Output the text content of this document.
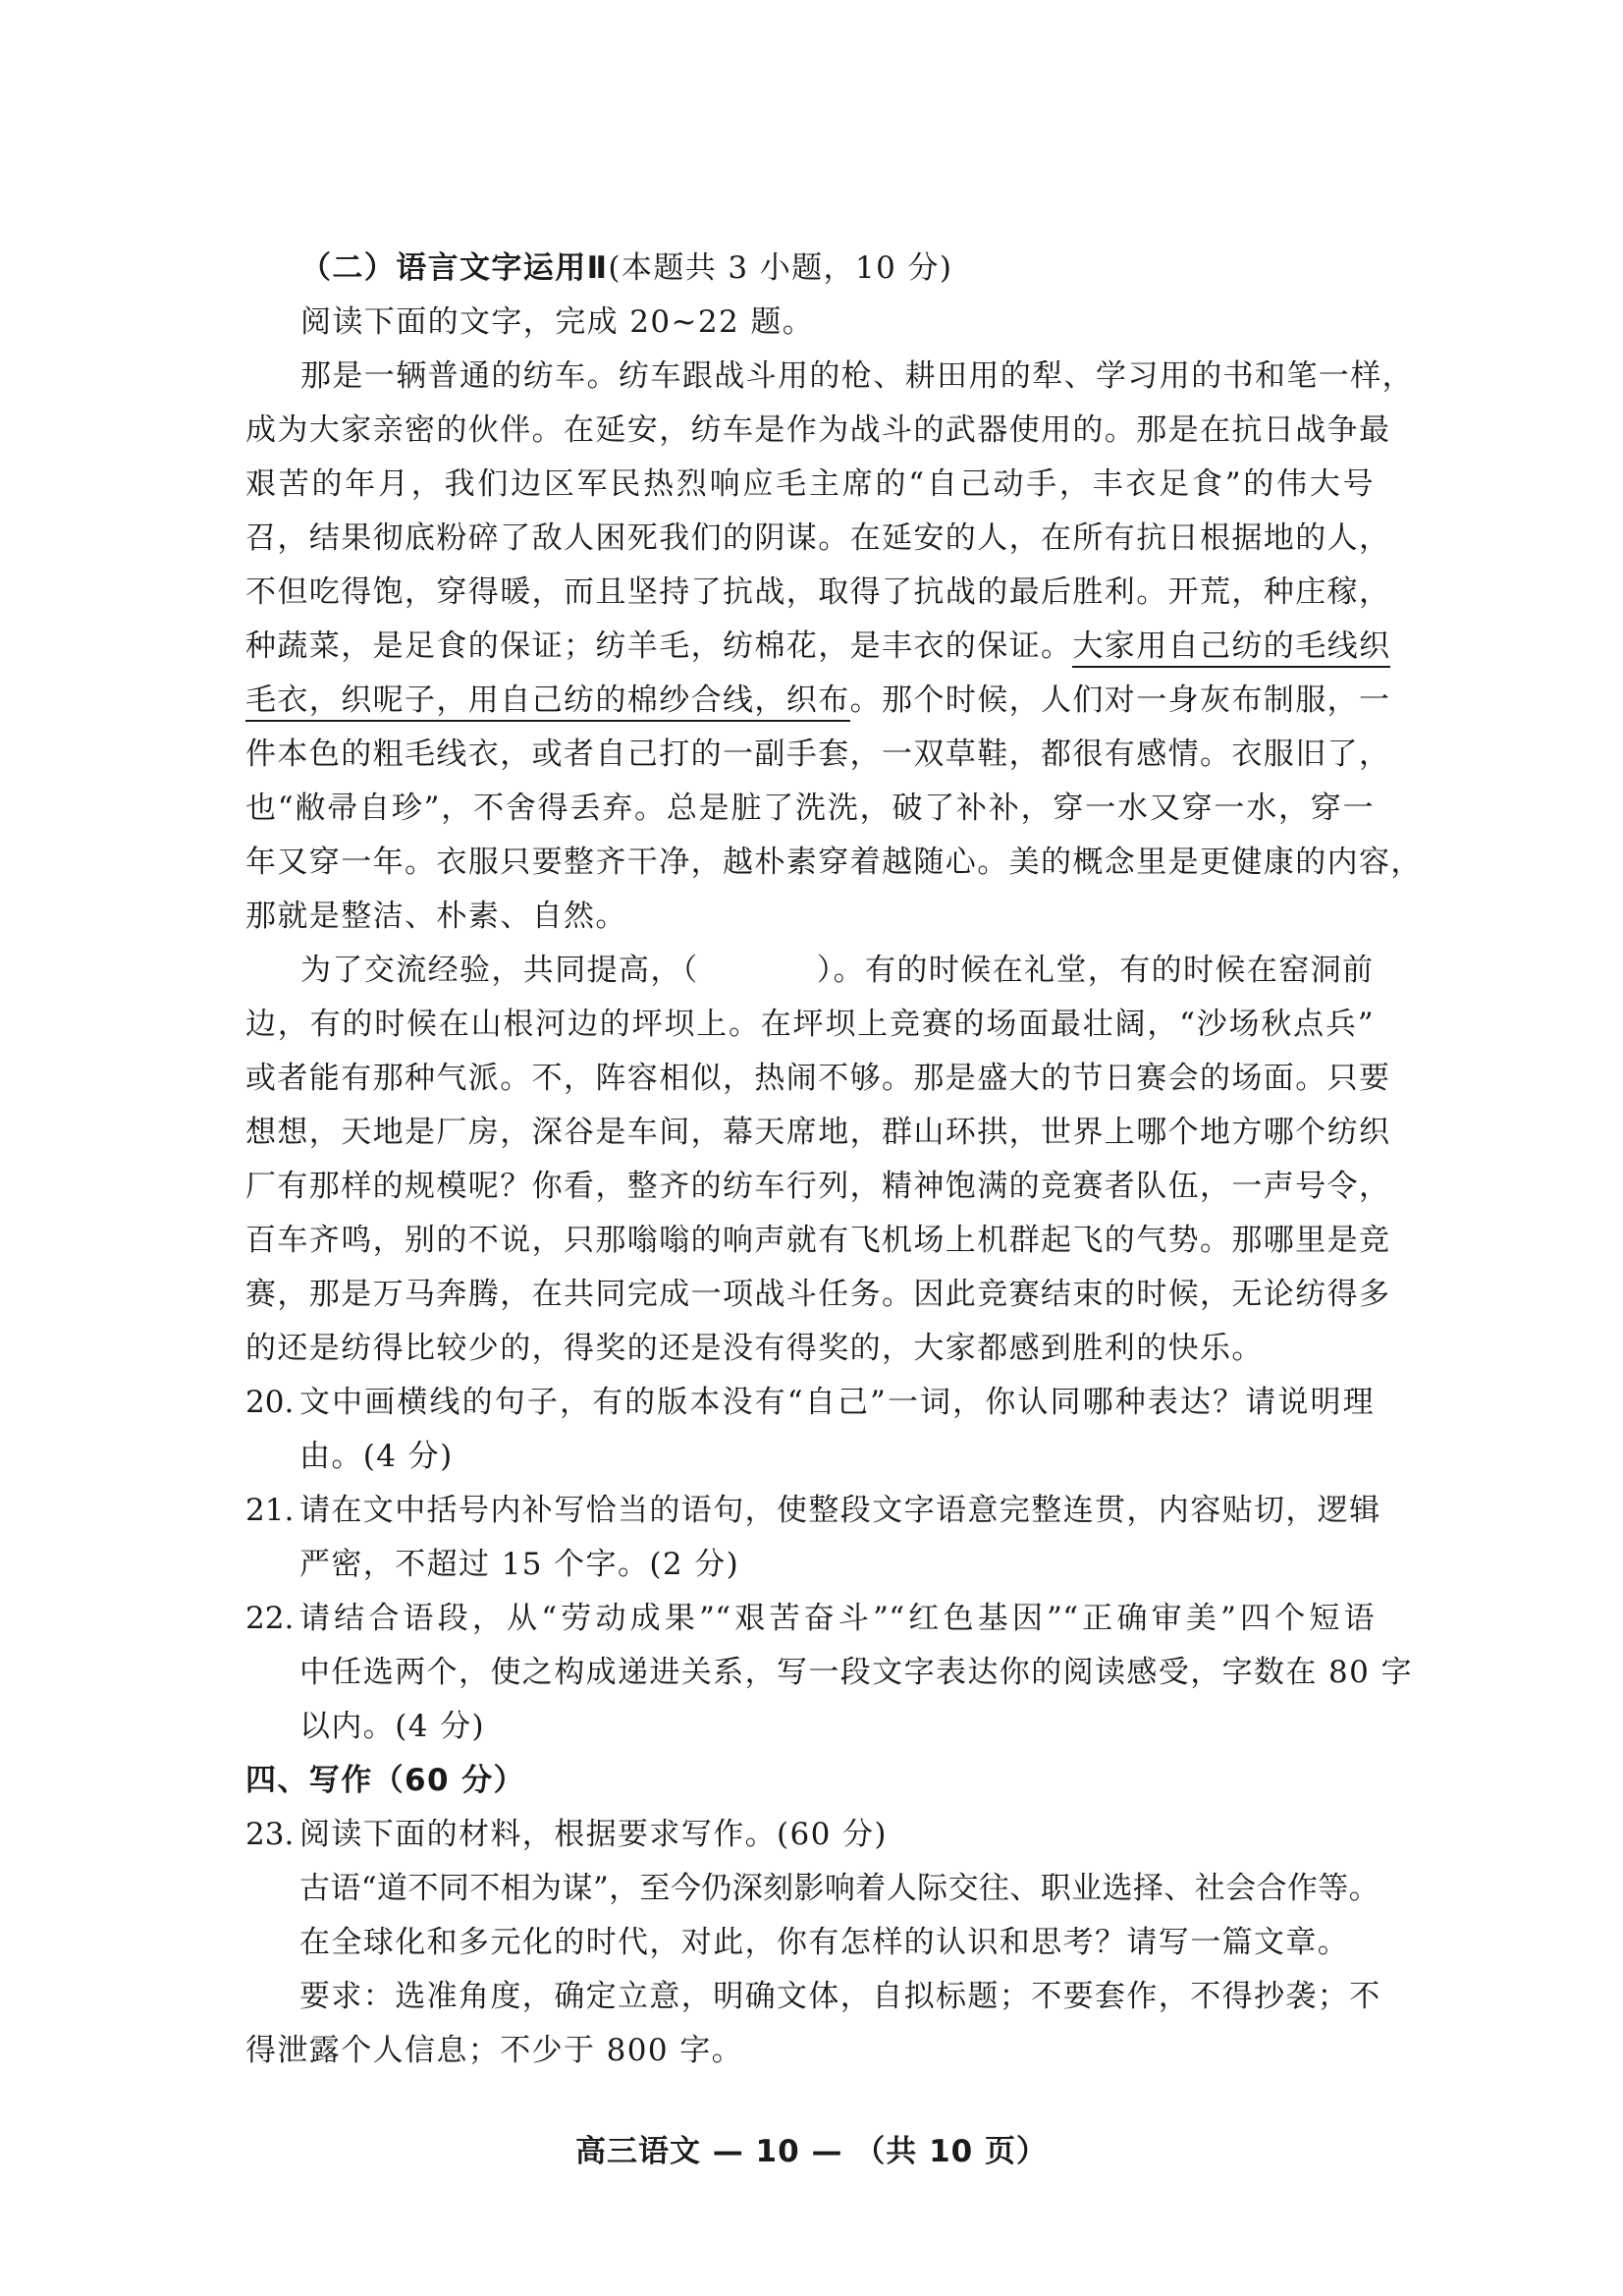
（二）语言文字运用Ⅱ(本题共 3 小题，10 分)
阅读下面的文字，完成 20~22 题。
那是一辆普通的纺车。纺车跟战斗用的枪、耕田用的犁、学习用的书和笔一样，
成为大家亲密的伙伴。在延安，纺车是作为战斗的武器使用的。那是在抗日战争最
艰苦的年月，我们边区军民热烈响应毛主席的“自己动手，丰衣足食”的伟大号
召，结果彻底粉碎了敌人困死我们的阴谋。在延安的人，在所有抗日根据地的人，
不但吃得饱，穿得暖，而且坚持了抗战，取得了抗战的最后胜利。开荒，种庄稼，
种蔬菜，是足食的保证；纺羊毛，纺棉花，是丰衣的保证。大家用自己纺的毛线织
毛衣，织呢子，用自己纺的棉纱合线，织布。那个时候，人们对一身灰布制服，一
件本色的粗毛线衣，或者自己打的一副手套，一双草鞋，都很有感情。衣服旧了，
也“敝帚自珍”，不舍得丢弃。总是脏了洗洗，破了补补，穿一水又穿一水，穿一
年又穿一年。衣服只要整齐干净，越朴素穿着越随心。美的概念里是更健康的内容，
那就是整洁、朴素、自然。
为了交流经验，共同提高，（	）。有的时候在礼堂，有的时候在窑洞前
边，有的时候在山根河边的坪坝上。在坪坝上竞赛的场面最壮阔，“沙场秋点兵”
或者能有那种气派。不，阵容相似，热闹不够。那是盛大的节日赛会的场面。只要
想想，天地是厂房，深谷是车间，幕天席地，群山环拱，世界上哪个地方哪个纺织
厂有那样的规模呢？你看，整齐的纺车行列，精神饱满的竞赛者队伍，一声号令，
百车齐鸣，别的不说，只那嗡嗡的响声就有飞机场上机群起飞的气势。那哪里是竞
赛，那是万马奔腾，在共同完成一项战斗任务。因此竞赛结束的时候，无论纺得多
的还是纺得比较少的，得奖的还是没有得奖的，大家都感到胜利的快乐。
20. 文中画横线的句子，有的版本没有“自己”一词，你认同哪种表达？请说明理
由。(4 分)
21. 请在文中括号内补写恰当的语句，使整段文字语意完整连贯，内容贴切，逻辑
严密，不超过 15 个字。(2 分)
22. 请结合语段，从“劳动成果”“艰苦奋斗”“红色基因”“正确审美”四个短语
中任选两个，使之构成递进关系，写一段文字表达你的阅读感受，字数在 80 字
以内。(4 分)
四、写作（60 分）
23. 阅读下面的材料，根据要求写作。(60 分)
古语“道不同不相为谋”，至今仍深刻影响着人际交往、职业选择、社会合作等。
在全球化和多元化的时代，对此，你有怎样的认识和思考？请写一篇文章。
要求：选准角度，确定立意，明确文体，自拟标题；不要套作，不得抄袭；不
得泄露个人信息；不少于 800 字。
高三语文 — 10 — （共 10 页）
